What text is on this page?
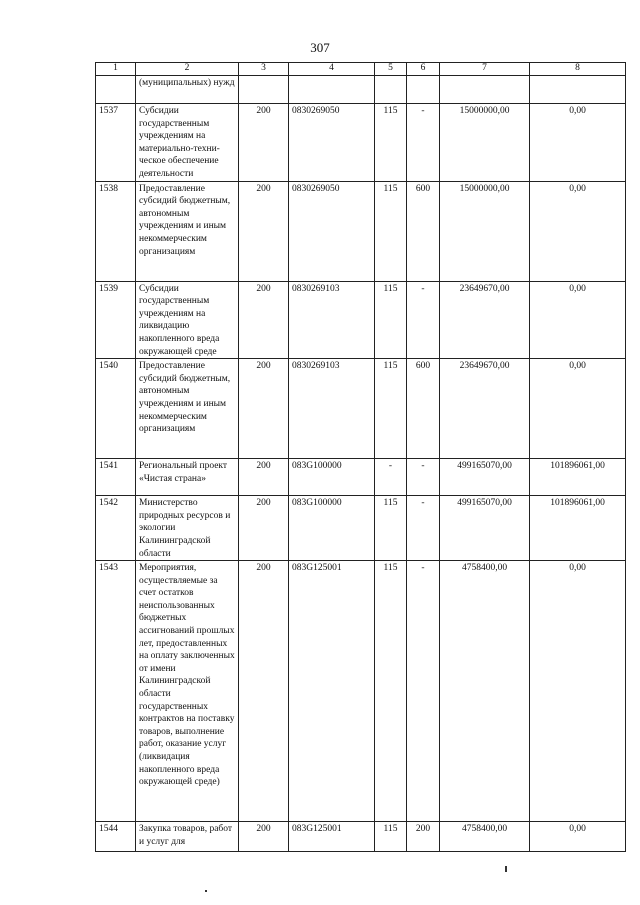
307
1	2	3	4	5	6	7	8
	(муниципальных) нужд						
1537	Субсидии государственным учреждениям на материально-техни-ческое обеспечение деятельности	200	0830269050	115	-	15000000,00	0,00
1538	Предоставление субсидий бюджетным, автономным учреждениям и иным некоммерческим организациям	200	0830269050	115	600	15000000,00	0,00
1539	Субсидии государственным учреждениям на ликвидацию накопленного вреда окружающей среде	200	0830269103	115	-	23649670,00	0,00
1540	Предоставление субсидий бюджетным, автономным учреждениям и иным некоммерческим организациям	200	0830269103	115	600	23649670,00	0,00
1541	Региональный проект «Чистая страна»	200	083G100000	-	-	499165070,00	101896061,00
1542	Министерство природных ресурсов и экологии Калининградской области	200	083G100000	115	-	499165070,00	101896061,00
1543	Мероприятия, осуществляемые за счет остатков неиспользованных бюджетных ассигнований прошлых лет, предоставленных на оплату заключенных от имени Калининградской области государственных контрактов на поставку товаров, выполнение работ, оказание услуг (ликвидация накопленного вреда окружающей среде)	200	083G125001	115	-	4758400,00	0,00
1544	Закупка товаров, работ и услуг для	200	083G125001	115	200	4758400,00	0,00
